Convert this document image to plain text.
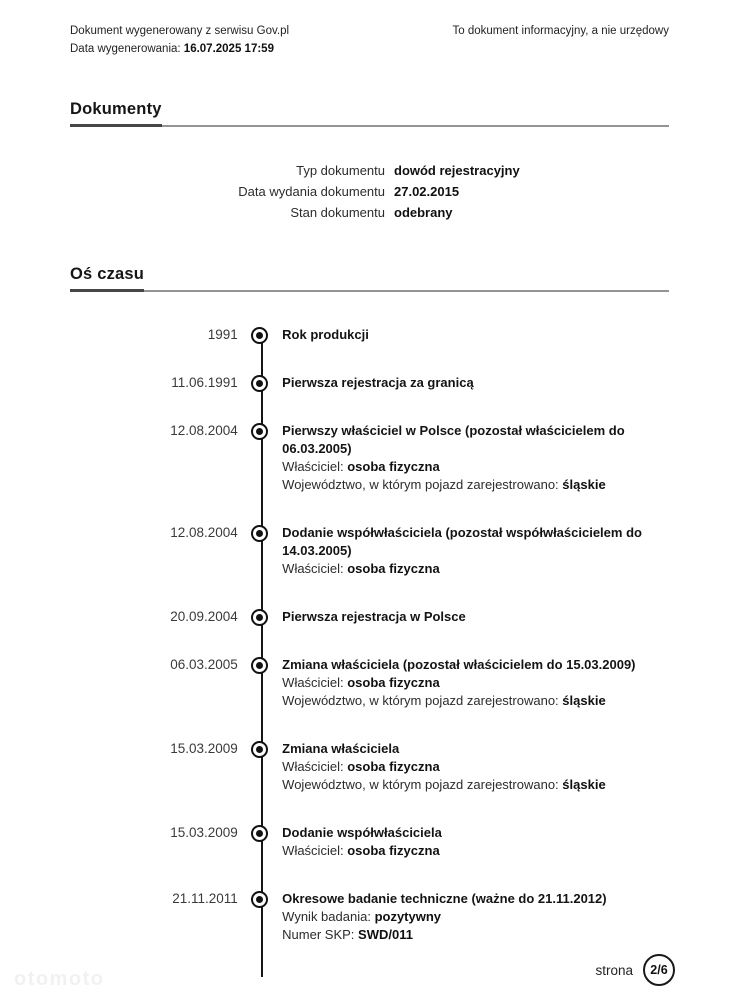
Dokument wygenerowany z serwisu Gov.pl
Data wygenerowania: 16.07.2025 17:59
To dokument informacyjny, a nie urzędowy
Dokumenty
Typ dokumentu dowód rejestracyjny
Data wydania dokumentu 27.02.2015
Stan dokumentu odebrany
Oś czasu
1991	Rok produkcji
11.06.1991	Pierwsza rejestracja za granicą
12.08.2004	Pierwszy właściciel w Polsce (pozostał właścicielem do 06.03.2005)
Właściciel: osoba fizyczna
Województwo, w którym pojazd zarejestrowano: śląskie
12.08.2004	Dodanie współwłaściciela (pozostał współwłaścicielem do 14.03.2005)
Właściciel: osoba fizyczna
20.09.2004	Pierwsza rejestracja w Polsce
06.03.2005	Zmiana właściciela (pozostał właścicielem do 15.03.2009)
Właściciel: osoba fizyczna
Województwo, w którym pojazd zarejestrowano: śląskie
15.03.2009	Zmiana właściciela
Właściciel: osoba fizyczna
Województwo, w którym pojazd zarejestrowano: śląskie
15.03.2009	Dodanie współwłaściciela
Właściciel: osoba fizyczna
21.11.2011	Okresowe badanie techniczne (ważne do 21.11.2012)
Wynik badania: pozytywny
Numer SKP: SWD/011
otomoto	strona	2/6
